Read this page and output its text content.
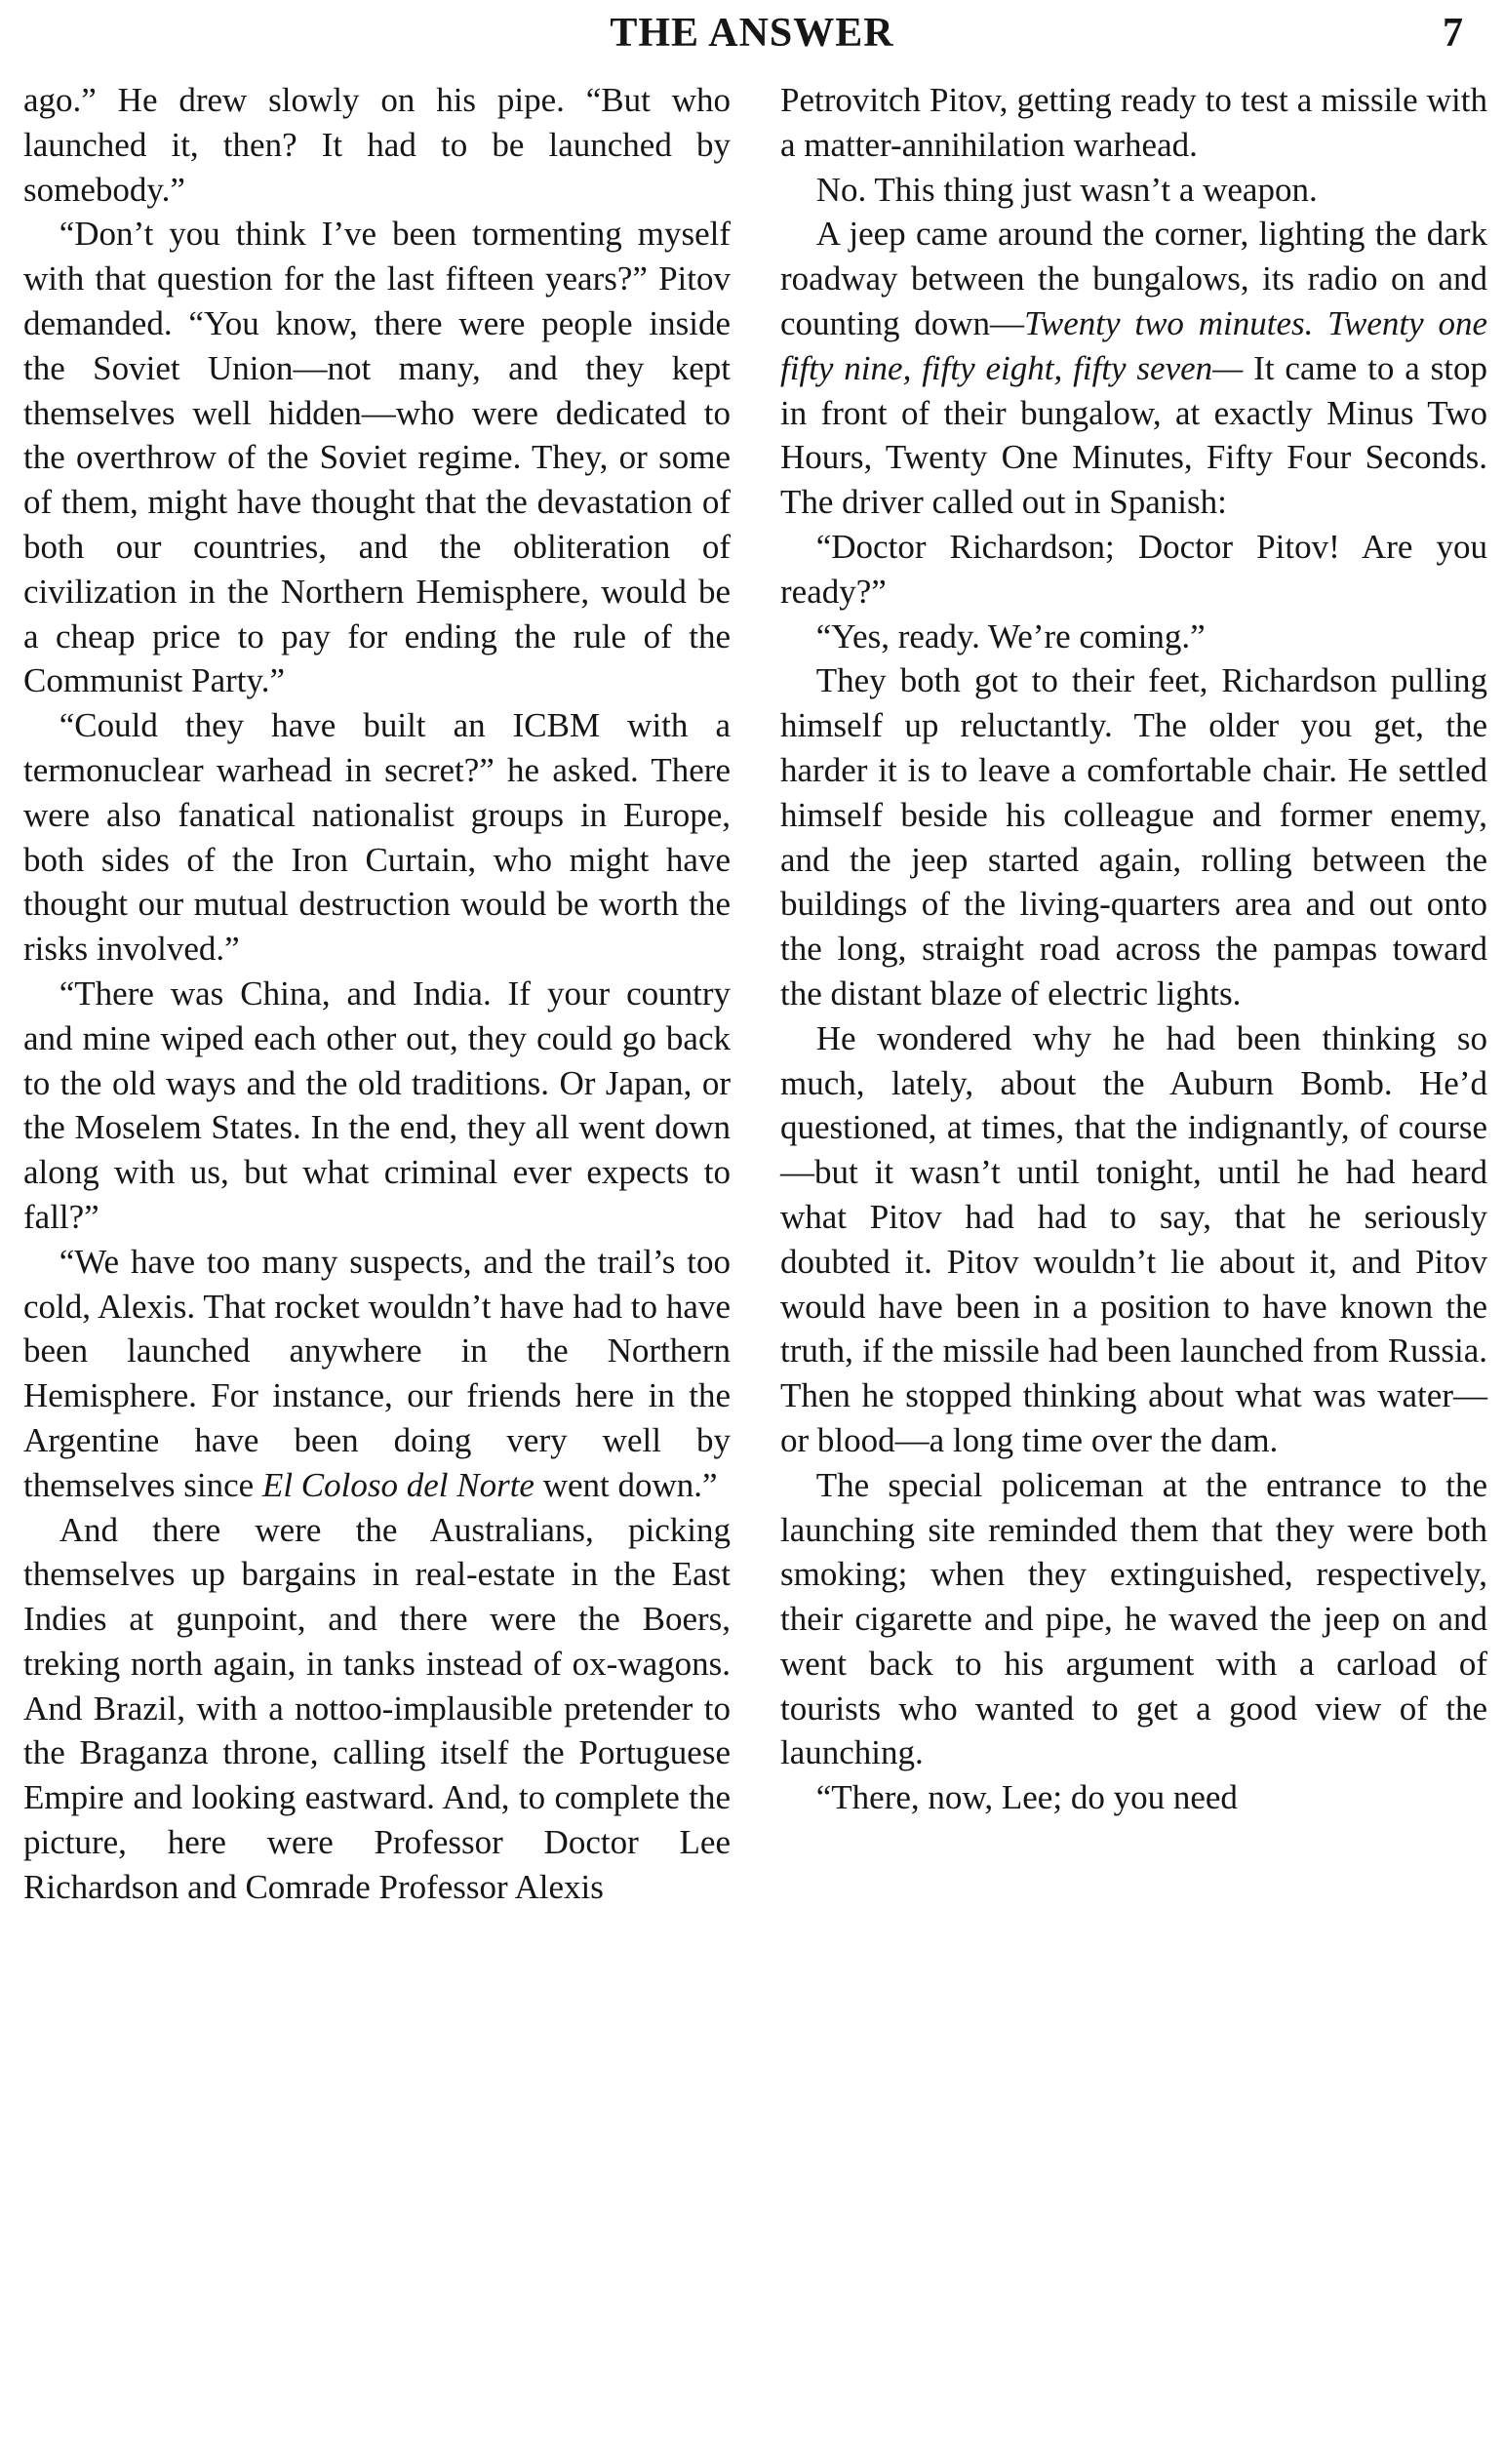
THE ANSWER	7

ago.” He drew slowly on his pipe. “But who launched it, then? It had to be launched by somebody.”

“Don’t you think I’ve been tormenting myself with that question for the last fifteen years?” Pitov demanded. “You know, there were people inside the Soviet Union—not many, and they kept themselves well hidden—who were dedicated to the overthrow of the Soviet regime. They, or some of them, might have thought that the devastation of both our countries, and the obliteration of civilization in the Northern Hemisphere, would be a cheap price to pay for ending the rule of the Communist Party.”

“Could they have built an ICBM with a termonuclear warhead in secret?” he asked. There were also fanatical nationalist groups in Europe, both sides of the Iron Curtain, who might have thought our mutual destruction would be worth the risks involved.”

“There was China, and India. If your country and mine wiped each other out, they could go back to the old ways and the old traditions. Or Japan, or the Moselem States. In the end, they all went down along with us, but what criminal ever expects to fall?”

“We have too many suspects, and the trail’s too cold, Alexis. That rocket wouldn’t have had to have been launched anywhere in the Northern Hemisphere. For instance, our friends here in the Argentine have been doing very well by themselves since El Coloso del Norte went down.”

And there were the Australians, picking themselves up bargains in real-estate in the East Indies at gunpoint, and there were the Boers, treking north again, in tanks instead of ox-wagons. And Brazil, with a nottoo-implausible pretender to the Braganza throne, calling itself the Portuguese Empire and looking eastward. And, to complete the picture, here were Professor Doctor Lee Richardson and Comrade Professor Alexis

Petrovitch Pitov, getting ready to test a missile with a matter-annihilation warhead.

No. This thing just wasn’t a weapon.

A jeep came around the corner, lighting the dark roadway between the bungalows, its radio on and counting down—Twenty two minutes. Twenty one fifty nine, fifty eight, fifty seven— It came to a stop in front of their bungalow, at exactly Minus Two Hours, Twenty One Minutes, Fifty Four Seconds. The driver called out in Spanish:

“Doctor Richardson; Doctor Pitov! Are you ready?”

“Yes, ready. We’re coming.”

They both got to their feet, Richardson pulling himself up reluctantly. The older you get, the harder it is to leave a comfortable chair. He settled himself beside his colleague and former enemy, and the jeep started again, rolling between the buildings of the living-quarters area and out onto the long, straight road across the pampas toward the distant blaze of electric lights.

He wondered why he had been thinking so much, lately, about the Auburn Bomb. He’d questioned, at times, that the indignantly, of course —but it wasn’t until tonight, until he had heard what Pitov had had to say, that he seriously doubted it. Pitov wouldn’t lie about it, and Pitov would have been in a position to have known the truth, if the missile had been launched from Russia. Then he stopped thinking about what was water—or blood—a long time over the dam.

The special policeman at the entrance to the launching site reminded them that they were both smoking; when they extinguished, respectively, their cigarette and pipe, he waved the jeep on and went back to his argument with a carload of tourists who wanted to get a good view of the launching.

“There, now, Lee; do you need
